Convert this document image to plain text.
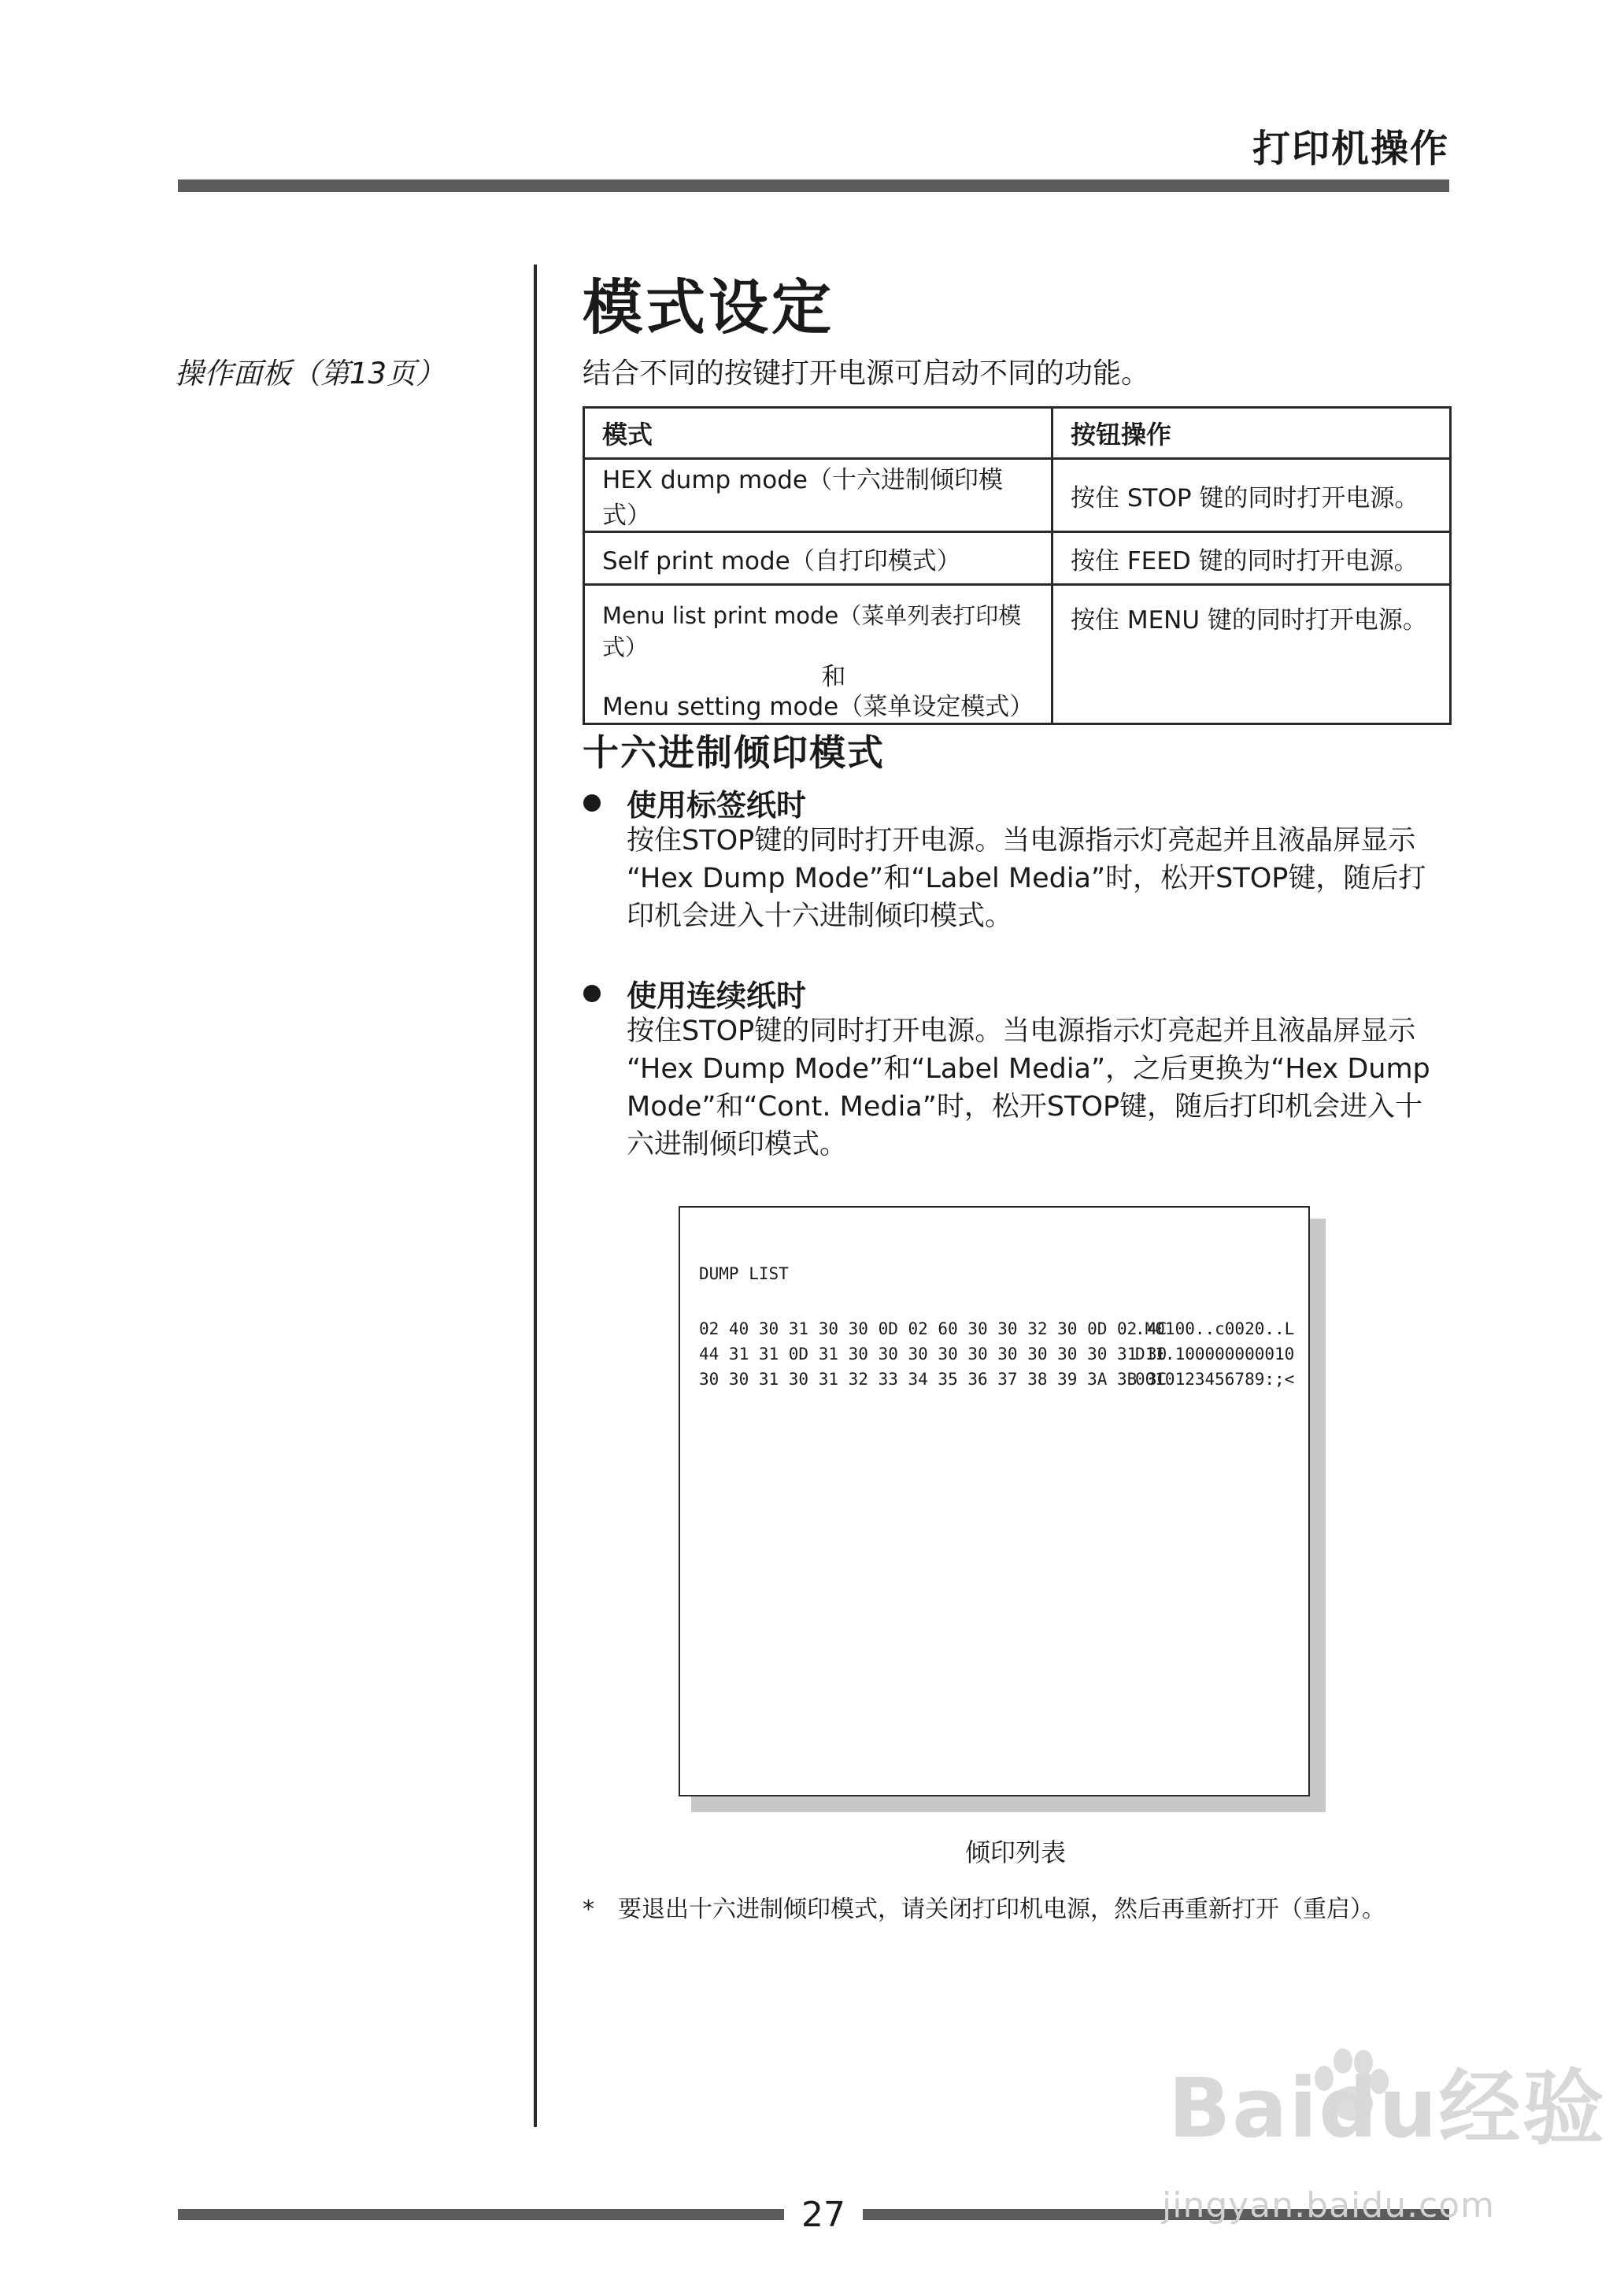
打印机操作
操作面板（第13页）
模式设定
结合不同的按键打开电源可启动不同的功能。
模式	按钮操作
HEX dump mode（十六进制倾印模式）	按住 STOP 键的同时打开电源。
Self print mode（自打印模式）	按住 FEED 键的同时打开电源。

Menu list print mode（菜单列表打印模式）
和
Menu setting mode（菜单设定模式）	按住 MENU 键的同时打开电源。
十六进制倾印模式
使用标签纸时
按住STOP键的同时打开电源。当电源指示灯亮起并且液晶屏显示
“Hex Dump Mode”和“Label Media”时，松开STOP键，随后打
印机会进入十六进制倾印模式。
使用连续纸时
按住STOP键的同时打开电源。当电源指示灯亮起并且液晶屏显示
“Hex Dump Mode”和“Label Media”，之后更换为“Hex Dump
Mode”和“Cont. Media”时，松开STOP键，随后打印机会进入十
六进制倾印模式。
DUMP LIST
02 40 30 31 30 30 0D 02 60 30 30 32 30 0D 02 4C
.M0100..c0020..L
44 31 31 0D 31 30 30 30 30 30 30 30 30 30 31 30
D11.100000000010
30 30 31 30 31 32 33 34 35 36 37 38 39 3A 3B 3C
0010123456789:;<
倾印列表
*　要退出十六进制倾印模式，请关闭打印机电源，然后再重新打开（重启）。
27
Baidu经验
jingyan.baidu.com
